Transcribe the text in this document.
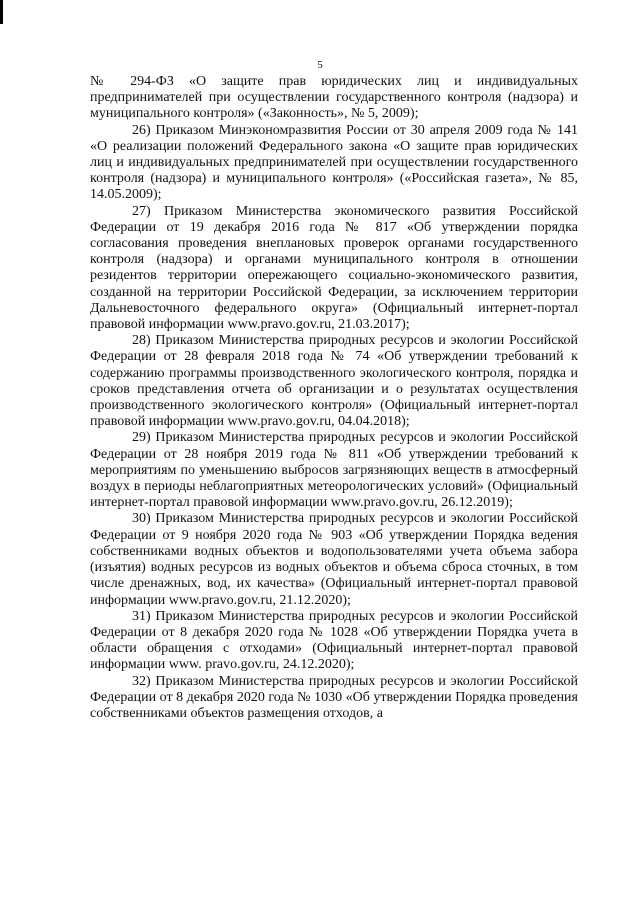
5

№ 294-ФЗ «О защите прав юридических лиц и индивидуальных предпринимателей при осуществлении государственного контроля (надзора) и муниципального контроля» («Законность», № 5, 2009);

26) Приказом Минэкономразвития России от 30 апреля 2009 года № 141 «О реализации положений Федерального закона «О защите прав юридических лиц и индивидуальных предпринимателей при осуществлении государственного контроля (надзора) и муниципального контроля» («Российская газета», № 85, 14.05.2009);

27) Приказом Министерства экономического развития Российской Федерации от 19 декабря 2016 года № 817 «Об утверждении порядка согласования проведения внеплановых проверок органами государственного контроля (надзора) и органами муниципального контроля в отношении резидентов территории опережающего социально-экономического развития, созданной на территории Российской Федерации, за исключением территории Дальневосточного федерального округа» (Официальный интернет-портал правовой информации www.pravo.gov.ru, 21.03.2017);

28) Приказом Министерства природных ресурсов и экологии Российской Федерации от 28 февраля 2018 года № 74 «Об утверждении требований к содержанию программы производственного экологического контроля, порядка и сроков представления отчета об организации и о результатах осуществления производственного экологического контроля» (Официальный интернет-портал правовой информации www.pravo.gov.ru, 04.04.2018);

29) Приказом Министерства природных ресурсов и экологии Российской Федерации от 28 ноября 2019 года № 811 «Об утверждении требований к мероприятиям по уменьшению выбросов загрязняющих веществ в атмосферный воздух в периоды неблагоприятных метеорологических условий» (Официальный интернет-портал правовой информации www.pravo.gov.ru, 26.12.2019);

30) Приказом Министерства природных ресурсов и экологии Российской Федерации от 9 ноября 2020 года № 903 «Об утверждении Порядка ведения собственниками водных объектов и водопользователями учета объема забора (изъятия) водных ресурсов из водных объектов и объема сброса сточных, в том числе дренажных, вод, их качества» (Официальный интернет-портал правовой информации www.pravo.gov.ru, 21.12.2020);

31) Приказом Министерства природных ресурсов и экологии Российской Федерации от 8 декабря 2020 года № 1028 «Об утверждении Порядка учета в области обращения с отходами» (Официальный интернет-портал правовой информации www. pravo.gov.ru, 24.12.2020);

32) Приказом Министерства природных ресурсов и экологии Российской Федерации от 8 декабря 2020 года № 1030 «Об утверждении Порядка проведения собственниками объектов размещения отходов, а
